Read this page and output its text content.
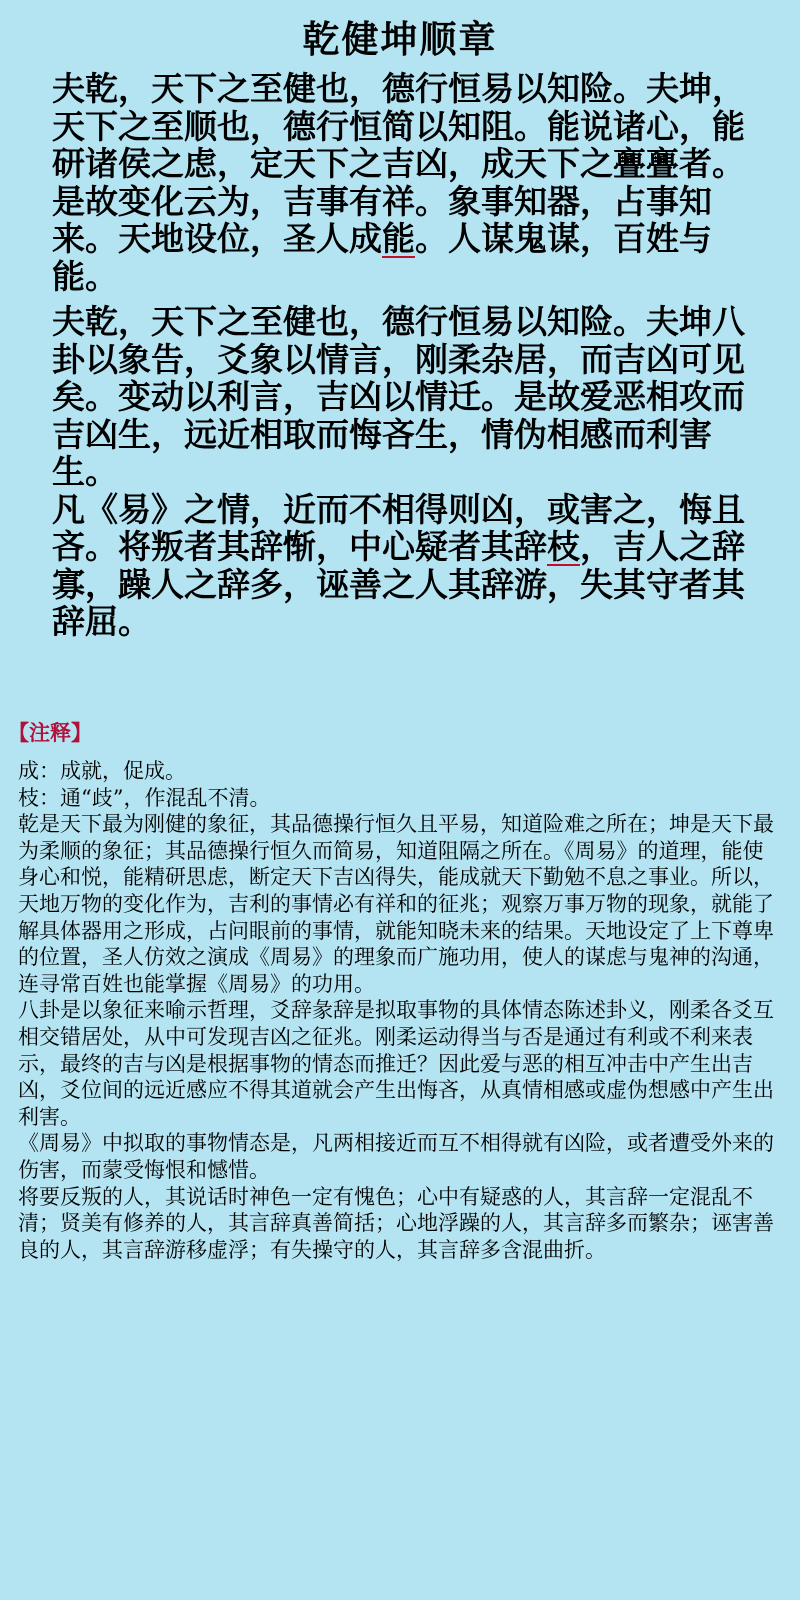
乾健坤顺章

夫乾，天下之至健也，德行恒易以知险。夫坤，天下之至顺也，德行恒简以知阻。能说诸心，能研诸侯之虑，定天下之吉凶，成天下之亹亹者。

是故变化云为，吉事有祥。象事知器，占事知来。天地设位，圣人成能。人谋鬼谋，百姓与能。

夫乾，天下之至健也，德行恒易以知险。夫坤八卦以象告，爻象以情言，刚柔杂居，而吉凶可见矣。变动以利言，吉凶以情迁。是故爱恶相攻而吉凶生，远近相取而悔吝生，情伪相感而利害生。

凡《易》之情，近而不相得则凶，或害之，悔且吝。将叛者其辞惭，中心疑者其辞枝，吉人之辞寡，躁人之辞多，诬善之人其辞游，失其守者其辞屈。

【注释】

成：成就，促成。

枝：通“歧”，作混乱不清。

乾是天下最为刚健的象征，其品德操行恒久且平易，知道险难之所在；坤是天下最为柔顺的象征；其品德操行恒久而简易，知道阻隔之所在。《周易》的道理，能使身心和悦，能精研思虑，断定天下吉凶得失，能成就天下勤勉不息之事业。所以，天地万物的变化作为，吉利的事情必有祥和的征兆；观察万事万物的现象，就能了解具体器用之形成，占问眼前的事情，就能知晓未来的结果。天地设定了上下尊卑的位置，圣人仿效之演成《周易》的理象而广施功用，使人的谋虑与鬼神的沟通，连寻常百姓也能掌握《周易》的功用。

八卦是以象征来喻示哲理，爻辞彖辞是拟取事物的具体情态陈述卦义，刚柔各爻互相交错居处，从中可发现吉凶之征兆。刚柔运动得当与否是通过有利或不利来表示，最终的吉与凶是根据事物的情态而推迁？因此爱与恶的相互冲击中产生出吉凶，爻位间的远近感应不得其道就会产生出悔吝，从真情相感或虚伪想感中产生出利害。

《周易》中拟取的事物情态是，凡两相接近而互不相得就有凶险，或者遭受外来的伤害，而蒙受悔恨和憾惜。

将要反叛的人，其说话时神色一定有愧色；心中有疑惑的人，其言辞一定混乱不清；贤美有修养的人，其言辞真善简括；心地浮躁的人，其言辞多而繁杂；诬害善良的人，其言辞游移虚浮；有失操守的人，其言辞多含混曲折。
